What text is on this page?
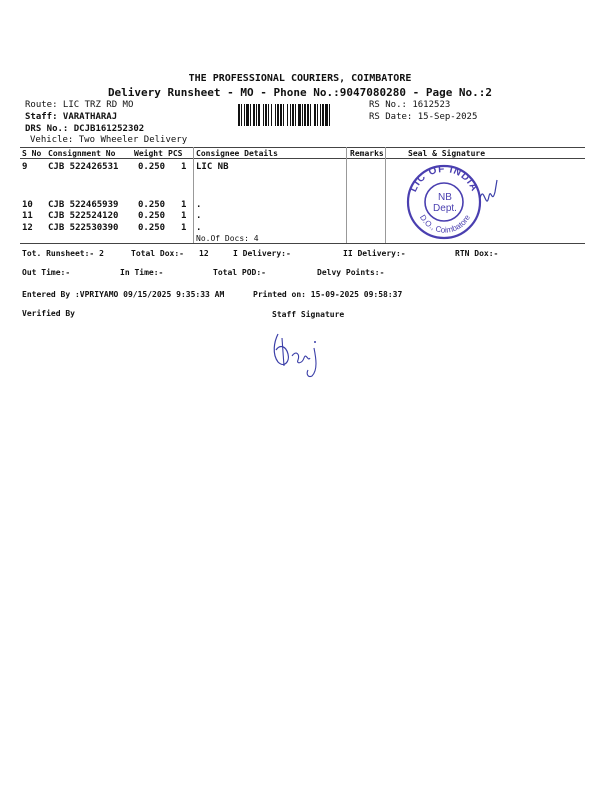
THE PROFESSIONAL COURIERS, COIMBATORE
Delivery Runsheet - MO - Phone No.:9047080280 - Page No.:2
Route: LIC TRZ RD MO
Staff: VARATHARAJ
DRS No.: DCJB161252302
Vehicle: Two Wheeler Delivery
RS No.: 1612523
RS Date: 15-Sep-2025
S No Consignment No Weight PCS Consignee Details	Remarks	Seal & Signature
9 CJB 522426531 0.250 1 LIC NB
10 CJB 522465939 0.250 1 .
11 CJB 522524120 0.250 1 .
12 CJB 522530390 0.250 1 .
No.Of Docs: 4
LIC OF INDIA
D.O., Coimbatore
NB
Dept.
Tot. Runsheet:- 2	Total Dox:- 12	I Delivery:-	II Delivery:-	RTN Dox:-
Out Time:-	In Time:-	Total POD:-	Delvy Points:-
Entered By :VPRIYAMO 09/15/2025 9:35:33 AM	Printed on: 15-09-2025 09:58:37
Verified By	Staff Signature
